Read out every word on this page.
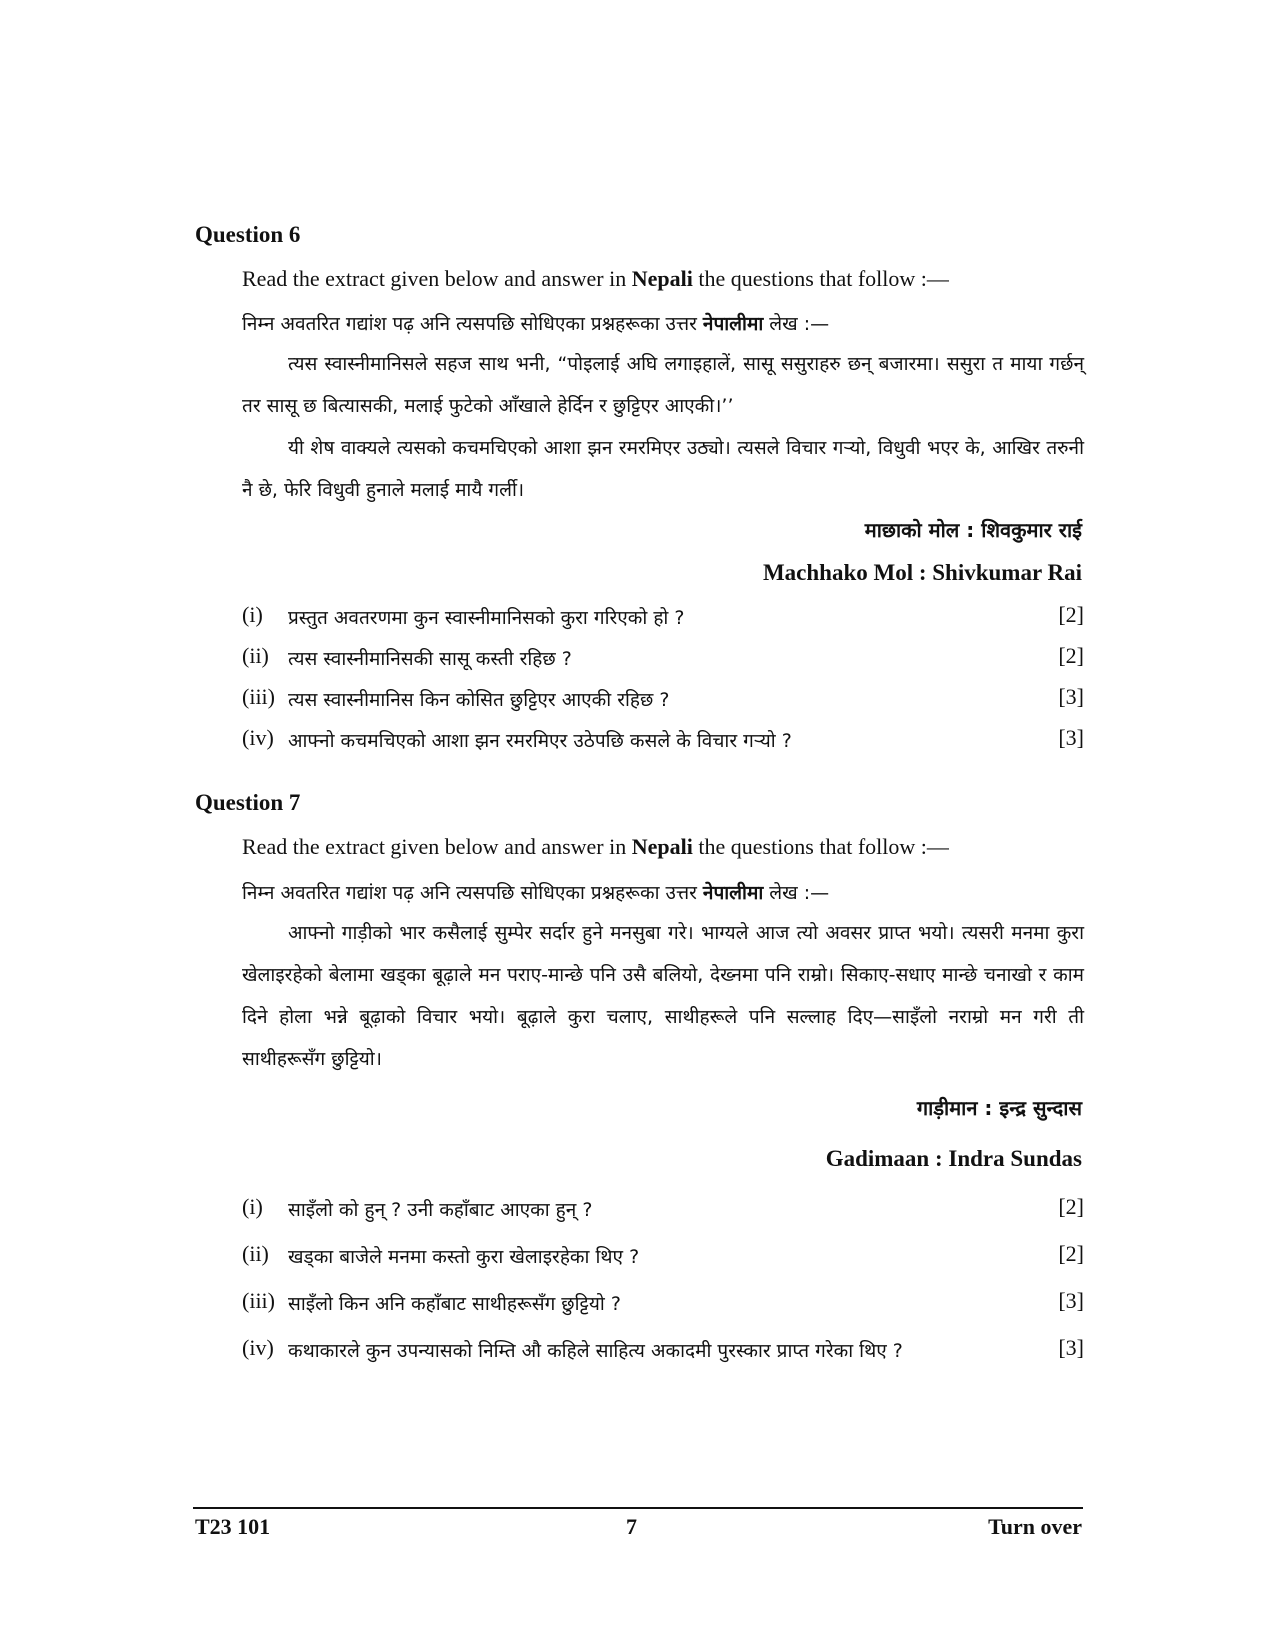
Question 6
Read the extract given below and answer in Nepali the questions that follow :—
निम्न अवतरित गद्यांश पढ़ अनि त्यसपछि सोधिएका प्रश्नहरूका उत्तर नेपालीमा लेख :—
त्यस स्वास्नीमानिसले सहज साथ भनी, “पोइलाई अघि लगाइहालें, सासू ससुराहरु छन् बजारमा। ससुरा त माया गर्छन् तर सासू छ बित्यासकी, मलाई फुटेको आँखाले हेर्दिन र छुट्टिएर आएकी।’’
यी शेष वाक्यले त्यसको कचमचिएको आशा झन रमरमिएर उठ्यो। त्यसले विचार गऱ्यो, विधुवी भएर के, आखिर तरुनी नै छे, फेरि विधुवी हुनाले मलाई मायै गर्ली।
माछाको मोल : शिवकुमार राई
Machhako Mol : Shivkumar Rai
(i) प्रस्तुत अवतरणमा कुन स्वास्नीमानिसको कुरा गरिएको हो ?	[2]
(ii) त्यस स्वास्नीमानिसकी सासू कस्ती रहिछ ?	[2]
(iii) त्यस स्वास्नीमानिस किन कोसित छुट्टिएर आएकी रहिछ ?	[3]
(iv) आफ्नो कचमचिएको आशा झन रमरमिएर उठेपछि कसले के विचार गऱ्यो ?	[3]
Question 7
Read the extract given below and answer in Nepali the questions that follow :—
निम्न अवतरित गद्यांश पढ़ अनि त्यसपछि सोधिएका प्रश्नहरूका उत्तर नेपालीमा लेख :—
आफ्नो गाड़ीको भार कसैलाई सुम्पेर सर्दार हुने मनसुबा गरे। भाग्यले आज त्यो अवसर प्राप्त भयो। त्यसरी मनमा कुरा खेलाइरहेको बेलामा खड्का बूढ़ाले मन पराए-मान्छे पनि उसै बलियो, देख्नमा पनि राम्रो। सिकाए-सधाए मान्छे चनाखो र काम दिने होला भन्ने बूढ़ाको विचार भयो। बूढ़ाले कुरा चलाए, साथीहरूले पनि सल्लाह दिए—साइँलो नराम्रो मन गरी ती साथीहरूसँग छुट्टियो।
गाड़ीमान : इन्द्र सुन्दास
Gadimaan : Indra Sundas
(i) साइँलो को हुन् ? उनी कहाँबाट आएका हुन् ?	[2]
(ii) खड्का बाजेले मनमा कस्तो कुरा खेलाइरहेका थिए ?	[2]
(iii) साइँलो किन अनि कहाँबाट साथीहरूसँग छुट्टियो ?	[3]
(iv) कथाकारले कुन उपन्यासको निम्ति औ कहिले साहित्य अकादमी पुरस्कार प्राप्त गरेका थिए ?	[3]
T23 101	7	Turn over
